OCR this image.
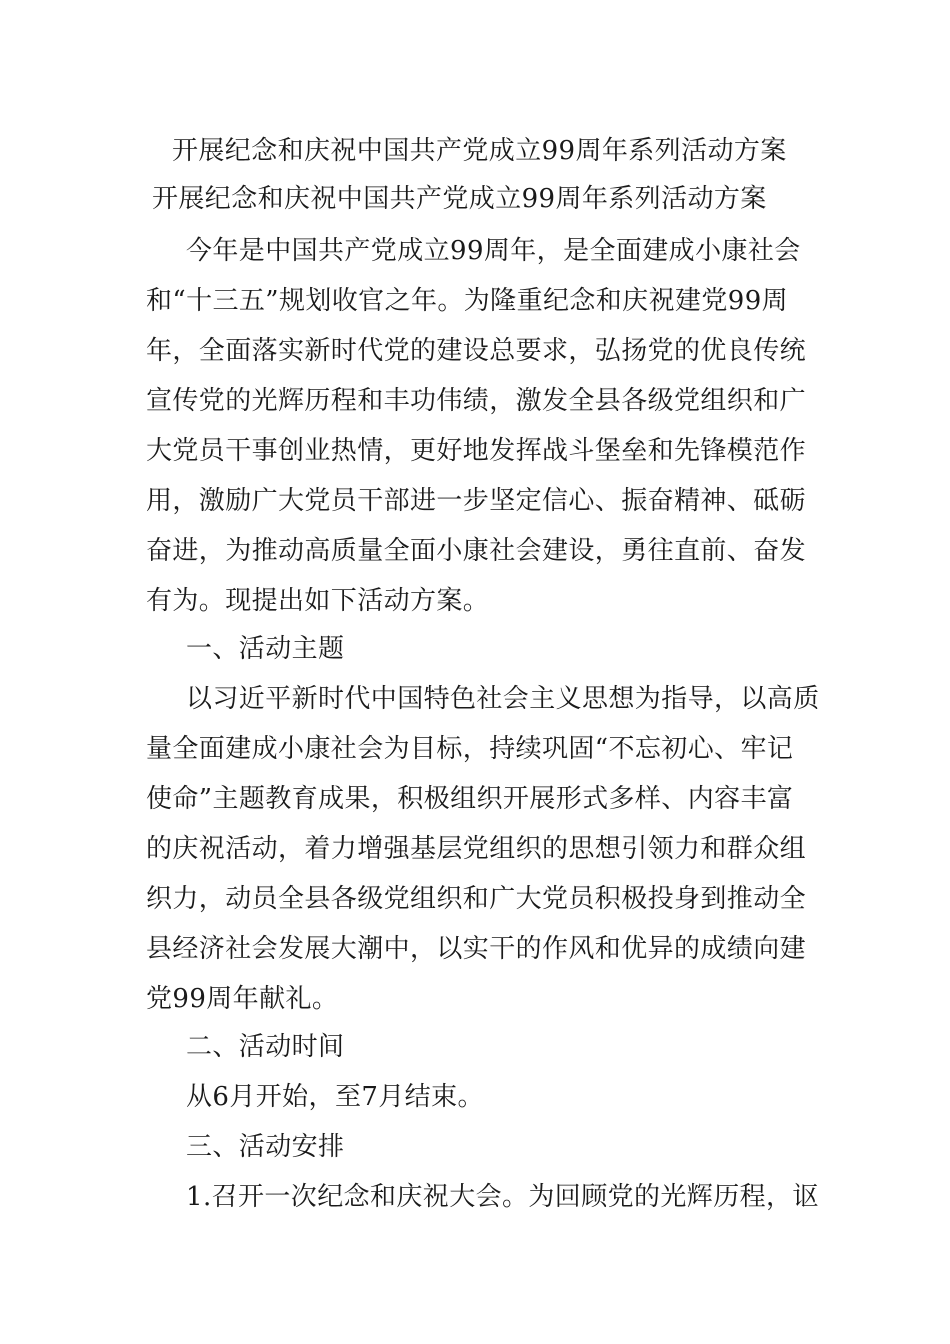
开展纪念和庆祝中国共产党成立99周年系列活动方案
开展纪念和庆祝中国共产党成立99周年系列活动方案
今年是中国共产党成立99周年，是全面建成小康社会
和“十三五”规划收官之年。为隆重纪念和庆祝建党99周
年，全面落实新时代党的建设总要求，弘扬党的优良传统
宣传党的光辉历程和丰功伟绩，激发全县各级党组织和广
大党员干事创业热情，更好地发挥战斗堡垒和先锋模范作
用，激励广大党员干部进一步坚定信心、振奋精神、砥砺
奋进，为推动高质量全面小康社会建设，勇往直前、奋发
有为。现提出如下活动方案。
一、活动主题
以习近平新时代中国特色社会主义思想为指导，以高质
量全面建成小康社会为目标，持续巩固“不忘初心、牢记
使命”主题教育成果，积极组织开展形式多样、内容丰富
的庆祝活动，着力增强基层党组织的思想引领力和群众组
织力，动员全县各级党组织和广大党员积极投身到推动全
县经济社会发展大潮中，以实干的作风和优异的成绩向建
党99周年献礼。
二、活动时间
从6月开始，至7月结束。
三、活动安排
1.召开一次纪念和庆祝大会。为回顾党的光辉历程，讴
